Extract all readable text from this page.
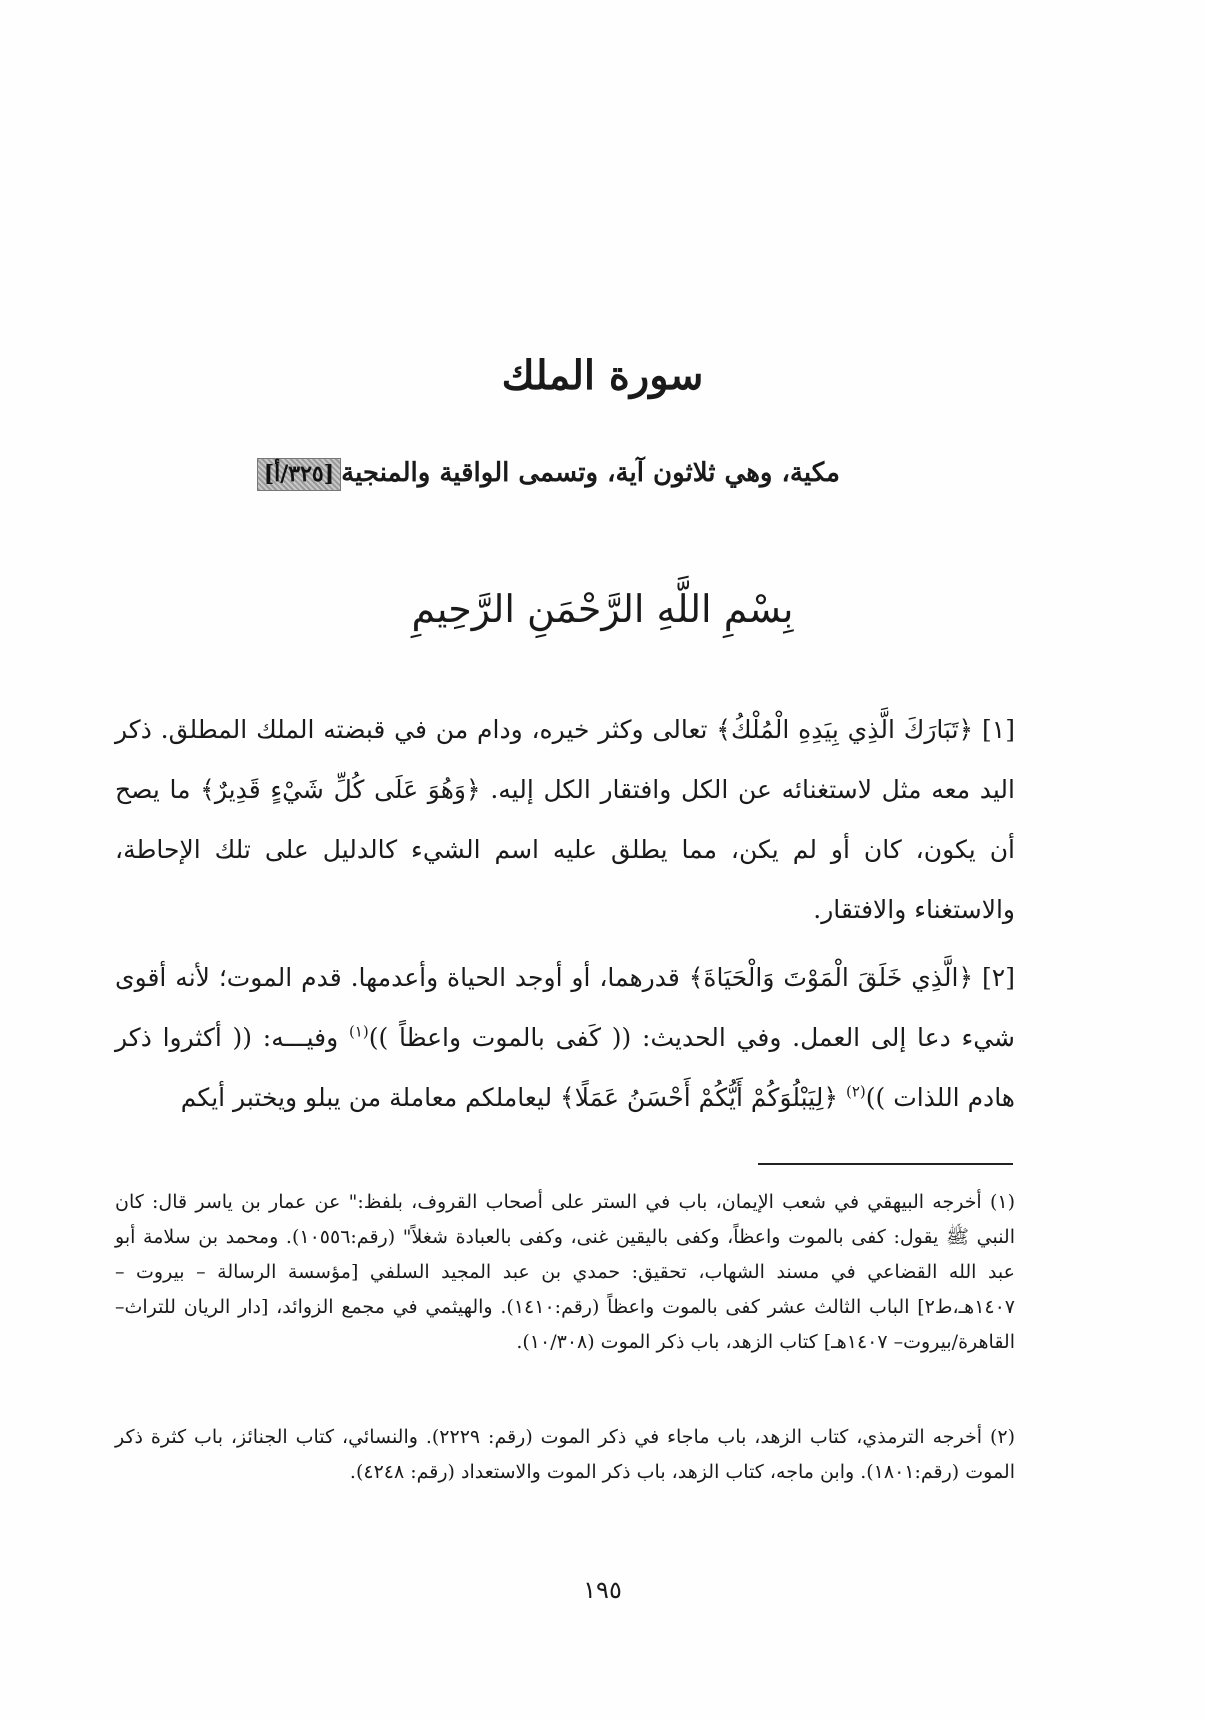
سورة الملك
مكية، وهي ثلاثون آية، وتسمى الواقية والمنجية[٣٢٥/أ]
بِسْمِ اللَّهِ الرَّحْمَنِ الرَّحِيمِ

[١] ﴿تَبَارَكَ الَّذِي بِيَدِهِ الْمُلْكُ﴾ تعالى وكثر خيره، ودام من في قبضته الملك المطلق. ذكر اليد معه مثل لاستغنائه عن الكل وافتقار الكل إليه. ﴿وَهُوَ عَلَى كُلِّ شَيْءٍ قَدِيرٌ﴾ ما يصح أن يكون، كان أو لم يكن، مما يطلق عليه اسم الشيء كالدليل على تلك الإحاطة، والاستغناء والافتقار.

[٢] ﴿الَّذِي خَلَقَ الْمَوْتَ وَالْحَيَاةَ﴾ قدرهما، أو أوجد الحياة وأعدمها. قدم الموت؛ لأنه أقوى شيء دعا إلى العمل. وفي الحديث: (( كَفى بالموت واعظاً ))$^{(١)}$ وفيـــه: (( أكثروا ذكر هادم اللذات ))$^{(٢)}$ ﴿لِيَبْلُوَكُمْ أَيُّكُمْ أَحْسَنُ عَمَلًا﴾ ليعاملكم معاملة من يبلو ويختبر أيكم

(١) أخرجه البيهقي في شعب الإيمان، باب في الستر على أصحاب القروف، بلفظ:" عن عمار بن ياسر قال: كان النبي ﷺ يقول: كفى بالموت واعظاً، وكفى باليقين غنى، وكفى بالعبادة شغلاً" (رقم:١٠٥٥٦). ومحمد بن سلامة أبو عبد الله القضاعي في مسند الشهاب، تحقيق: حمدي بن عبد المجيد السلفي [مؤسسة الرسالة – بيروت – ١٤٠٧هـ،ط٢] الباب الثالث عشر كفى بالموت واعظاً (رقم:١٤١٠). والهيثمي في مجمع الزوائد، [دار الريان للتراث– القاهرة/بيروت– ١٤٠٧هـ] كتاب الزهد، باب ذكر الموت (١٠/٣٠٨).

(٢) أخرجه الترمذي، كتاب الزهد، باب ماجاء في ذكر الموت (رقم: ٢٢٢٩). والنسائي، كتاب الجنائز، باب كثرة ذكر الموت (رقم:١٨٠١). وابن ماجه، كتاب الزهد، باب ذكر الموت والاستعداد (رقم: ٤٢٤٨).

١٩٥
